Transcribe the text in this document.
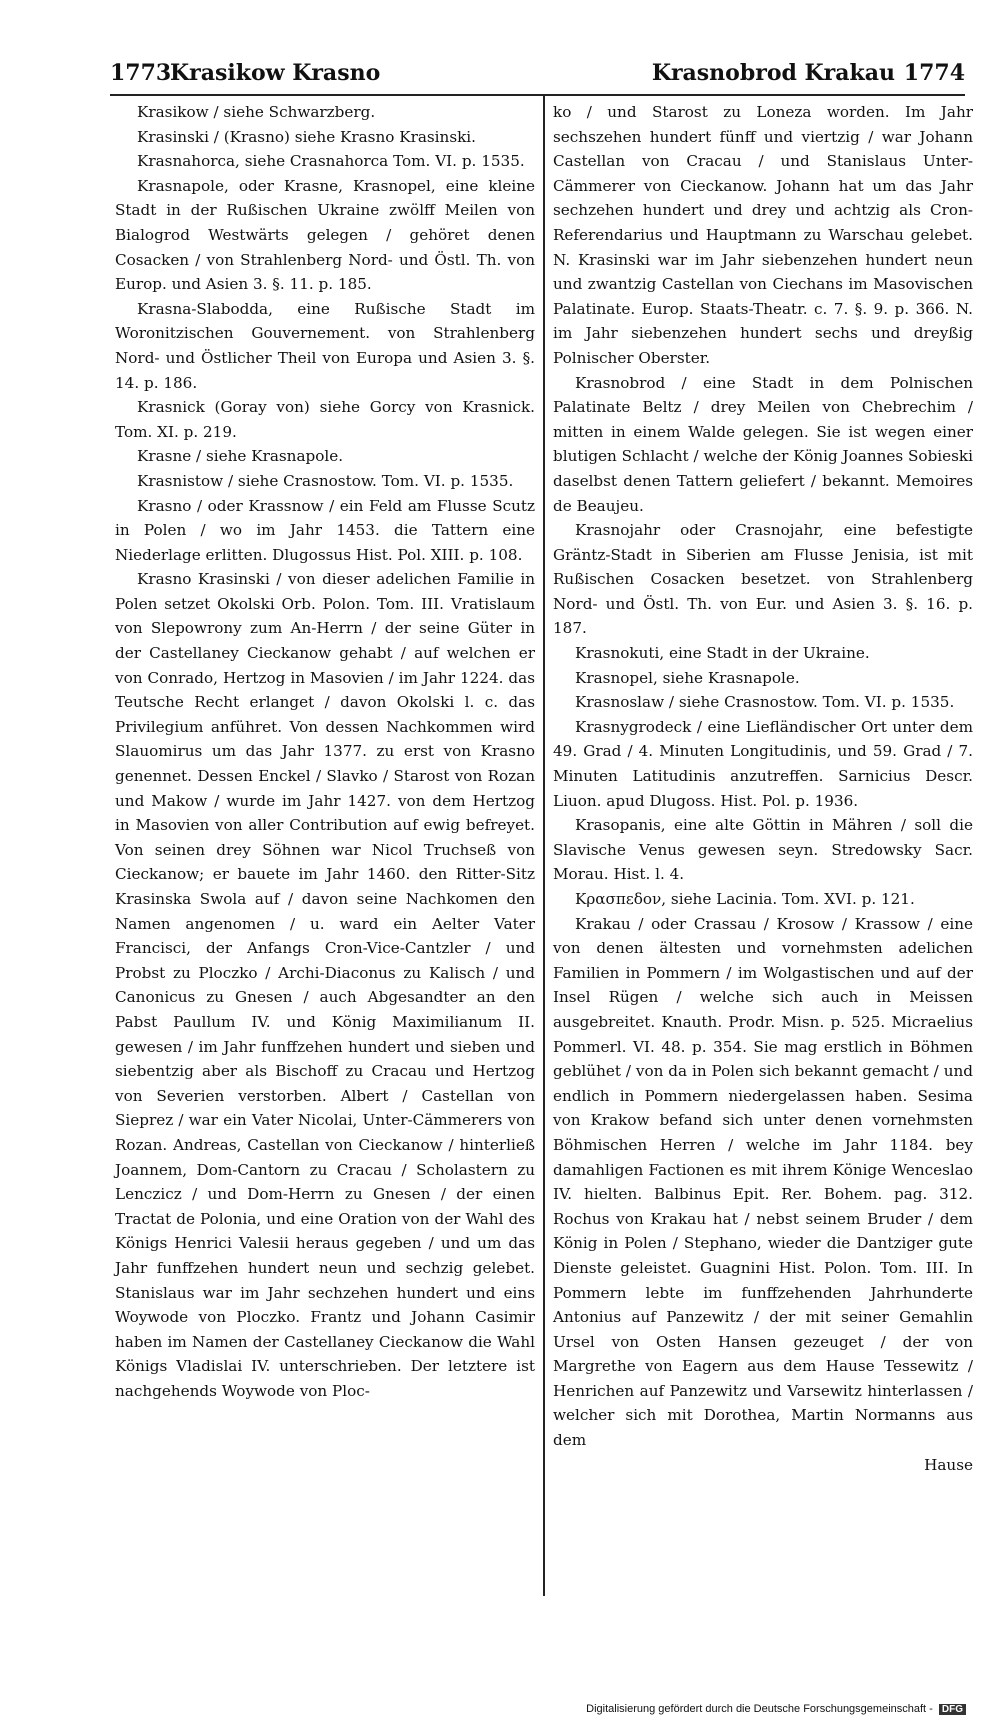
1773
Krasikow Krasno	Krasnobrod Krakau 1774

Krasikow / siehe Schwarzberg.

Krasinski / (Krasno) siehe Krasno Krasinski.

Krasnahorca, siehe Crasnahorca Tom. VI. p. 1535.

Krasnapole, oder Krasne, Krasnopel, eine kleine Stadt in der Rußischen Ukraine zwölff Meilen von Bialogrod Westwärts gelegen / gehöret denen Cosacken / von Strahlenberg Nord- und Östl. Th. von Europ. und Asien 3. §. 11. p. 185.

Krasna-Slabodda, eine Rußische Stadt im Woronitzischen Gouvernement. von Strahlenberg Nord- und Östlicher Theil von Europa und Asien 3. §. 14. p. 186.

Krasnick (Goray von) siehe Gorcy von Krasnick. Tom. XI. p. 219.

Krasne / siehe Krasnapole.

Krasnistow / siehe Crasnostow. Tom. VI. p. 1535.

Krasno / oder Krassnow / ein Feld am Flusse Scutz in Polen / wo im Jahr 1453. die Tattern eine Niederlage erlitten. Dlugossus Hist. Pol. XIII. p. 108.

Krasno Krasinski / von dieser adelichen Familie in Polen setzet Okolski Orb. Polon. Tom. III. Vratislaum von Slepowrony zum An-Herrn / der seine Güter in der Castellaney Cieckanow gehabt / auf welchen er von Conrado, Hertzog in Masovien / im Jahr 1224. das Teutsche Recht erlanget / davon Okolski l. c. das Privilegium anführet. Von dessen Nachkommen wird Slauomirus um das Jahr 1377. zu erst von Krasno genennet. Dessen Enckel / Slavko / Starost von Rozan und Makow / wurde im Jahr 1427. von dem Hertzog in Masovien von aller Contribution auf ewig befreyet. Von seinen drey Söhnen war Nicol Truchseß von Cieckanow; er bauete im Jahr 1460. den Ritter-Sitz Krasinska Swola auf / davon seine Nachkomen den Namen angenomen / u. ward ein Aelter Vater Francisci, der Anfangs Cron-Vice-Cantzler / und Probst zu Ploczko / Archi-Diaconus zu Kalisch / und Canonicus zu Gnesen / auch Abgesandter an den Pabst Paullum IV. und König Maximilianum II. gewesen / im Jahr funffzehen hundert und sieben und siebentzig aber als Bischoff zu Cracau und Hertzog von Severien verstorben. Albert / Castellan von Sieprez / war ein Vater Nicolai, Unter-Cämmerers von Rozan. Andreas, Castellan von Cieckanow / hinterließ Joannem, Dom-Cantorn zu Cracau / Scholastern zu Lenczicz / und Dom-Herrn zu Gnesen / der einen Tractat de Polonia, und eine Oration von der Wahl des Königs Henrici Valesii heraus gegeben / und um das Jahr funffzehen hundert neun und sechzig gelebet. Stanislaus war im Jahr sechzehen hundert und eins Woywode von Ploczko. Frantz und Johann Casimir haben im Namen der Castellaney Cieckanow die Wahl Königs Vladislai IV. unterschrieben. Der letztere ist nachgehends Woywode von Ploc-

ko / und Starost zu Loneza worden. Im Jahr sechszehen hundert fünff und viertzig / war Johann Castellan von Cracau / und Stanislaus Unter-Cämmerer von Cieckanow. Johann hat um das Jahr sechzehen hundert und drey und achtzig als Cron-Referendarius und Hauptmann zu Warschau gelebet. N. Krasinski war im Jahr siebenzehen hundert neun und zwantzig Castellan von Ciechans im Masovischen Palatinate. Europ. Staats-Theatr. c. 7. §. 9. p. 366. N. im Jahr siebenzehen hundert sechs und dreyßig Polnischer Oberster.

Krasnobrod / eine Stadt in dem Polnischen Palatinate Beltz / drey Meilen von Chebrechim / mitten in einem Walde gelegen. Sie ist wegen einer blutigen Schlacht / welche der König Joannes Sobieski daselbst denen Tattern geliefert / bekannt. Memoires de Beaujeu.

Krasnojahr oder Crasnojahr, eine befestigte Gräntz-Stadt in Siberien am Flusse Jenisia, ist mit Rußischen Cosacken besetzet. von Strahlenberg Nord- und Östl. Th. von Eur. und Asien 3. §. 16. p. 187.

Krasnokuti, eine Stadt in der Ukraine.

Krasnopel, siehe Krasnapole.

Krasnoslaw / siehe Crasnostow. Tom. VI. p. 1535.

Krasnygrodeck / eine Liefländischer Ort unter dem 49. Grad / 4. Minuten Longitudinis, und 59. Grad / 7. Minuten Latitudinis anzutreffen. Sarnicius Descr. Liuon. apud Dlugoss. Hist. Pol. p. 1936.

Krasopanis, eine alte Göttin in Mähren / soll die Slavische Venus gewesen seyn. Stredowsky Sacr. Morau. Hist. l. 4.

Kρασπεδον, siehe Lacinia. Tom. XVI. p. 121.

Krakau / oder Crassau / Krosow / Krassow / eine von denen ältesten und vornehmsten adelichen Familien in Pommern / im Wolgastischen und auf der Insel Rügen / welche sich auch in Meissen ausgebreitet. Knauth. Prodr. Misn. p. 525. Micraelius Pommerl. VI. 48. p. 354. Sie mag erstlich in Böhmen geblühet / von da in Polen sich bekannt gemacht / und endlich in Pommern niedergelassen haben. Sesima von Krakow befand sich unter denen vornehmsten Böhmischen Herren / welche im Jahr 1184. bey damahligen Factionen es mit ihrem Könige Wenceslao IV. hielten. Balbinus Epit. Rer. Bohem. pag. 312. Rochus von Krakau hat / nebst seinem Bruder / dem König in Polen / Stephano, wieder die Dantziger gute Dienste geleistet. Guagnini Hist. Polon. Tom. III. In Pommern lebte im funffzehenden Jahrhunderte Antonius auf Panzewitz / der mit seiner Gemahlin Ursel von Osten Hansen gezeuget / der von Margrethe von Eagern aus dem Hause Tessewitz / Henrichen auf Panzewitz und Varsewitz hinterlassen / welcher sich mit Dorothea, Martin Normanns aus dem

Hause
Digitalisierung gefördert durch die Deutsche Forschungsgemeinschaft - DFG
